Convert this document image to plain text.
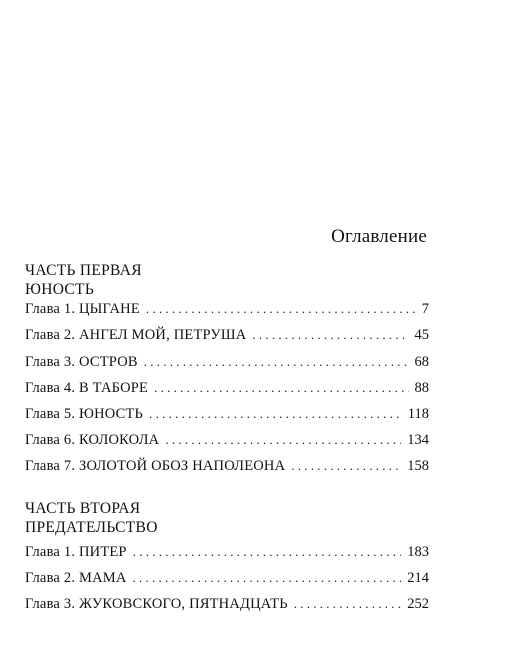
Оглавление
ЧАСТЬ ПЕРВАЯ
ЮНОСТЬ
Глава 1. ЦЫГАНЕ . . .	7
Глава 2. АНГЕЛ МОЙ, ПЕТРУША . . .	45
Глава 3. ОСТРОВ . . .	68
Глава 4. В ТАБОРЕ . . .	88
Глава 5. ЮНОСТЬ . . .	118
Глава 6. КОЛОКОЛА . . .	134
Глава 7. ЗОЛОТОЙ ОБОЗ НАПОЛЕОНА . . .	158
ЧАСТЬ ВТОРАЯ
ПРЕДАТЕЛЬСТВО
Глава 1. ПИТЕР . . .	183
Глава 2. МАМА . . .	214
Глава 3. ЖУКОВСКОГО, ПЯТНАДЦАТЬ . . .	252
